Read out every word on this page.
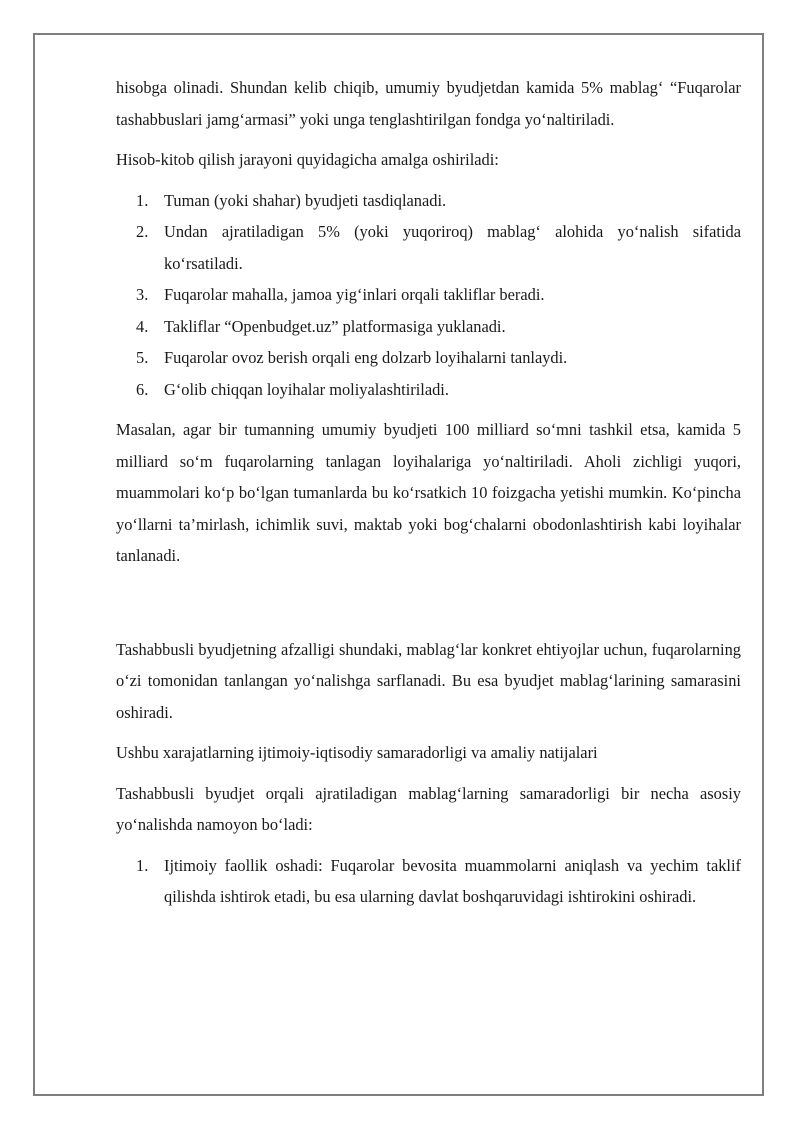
hisobga olinadi. Shundan kelib chiqib, umumiy byudjetdan kamida 5% mablag‘ “Fuqarolar tashabbuslari jamg‘armasi” yoki unga tenglashtirilgan fondga yo‘naltiriladi.

Hisob-kitob qilish jarayoni quyidagicha amalga oshiriladi:

1. Tuman (yoki shahar) byudjeti tasdiqlanadi.
2. Undan ajratiladigan 5% (yoki yuqoriroq) mablag‘ alohida yo‘nalish sifatida ko‘rsatiladi.
3. Fuqarolar mahalla, jamoa yig‘inlari orqali takliflar beradi.
4. Takliflar “Openbudget.uz” platformasiga yuklanadi.
5. Fuqarolar ovoz berish orqali eng dolzarb loyihalarni tanlaydi.
6. G‘olib chiqqan loyihalar moliyalashtiriladi.

Masalan, agar bir tumanning umumiy byudjeti 100 milliard so‘mni tashkil etsa, kamida 5 milliard so‘m fuqarolarning tanlagan loyihalariga yo‘naltiriladi. Aholi zichligi yuqori, muammolari ko‘p bo‘lgan tumanlarda bu ko‘rsatkich 10 foizgacha yetishi mumkin. Ko‘pincha yo‘llarni ta’mirlash, ichimlik suvi, maktab yoki bog‘chalarni obodonlashtirish kabi loyihalar tanlanadi.

Tashabbusli byudjetning afzalligi shundaki, mablag‘lar konkret ehtiyojlar uchun, fuqarolarning o‘zi tomonidan tanlangan yo‘nalishga sarflanadi. Bu esa byudjet mablag‘larining samarasini oshiradi.

Ushbu xarajatlarning ijtimoiy-iqtisodiy samaradorligi va amaliy natijalari

Tashabbusli byudjet orqali ajratiladigan mablag‘larning samaradorligi bir necha asosiy yo‘nalishda namoyon bo‘ladi:

1. Ijtimoiy faollik oshadi: Fuqarolar bevosita muammolarni aniqlash va yechim taklif qilishda ishtirok etadi, bu esa ularning davlat boshqaruvidagi ishtirokini oshiradi.
